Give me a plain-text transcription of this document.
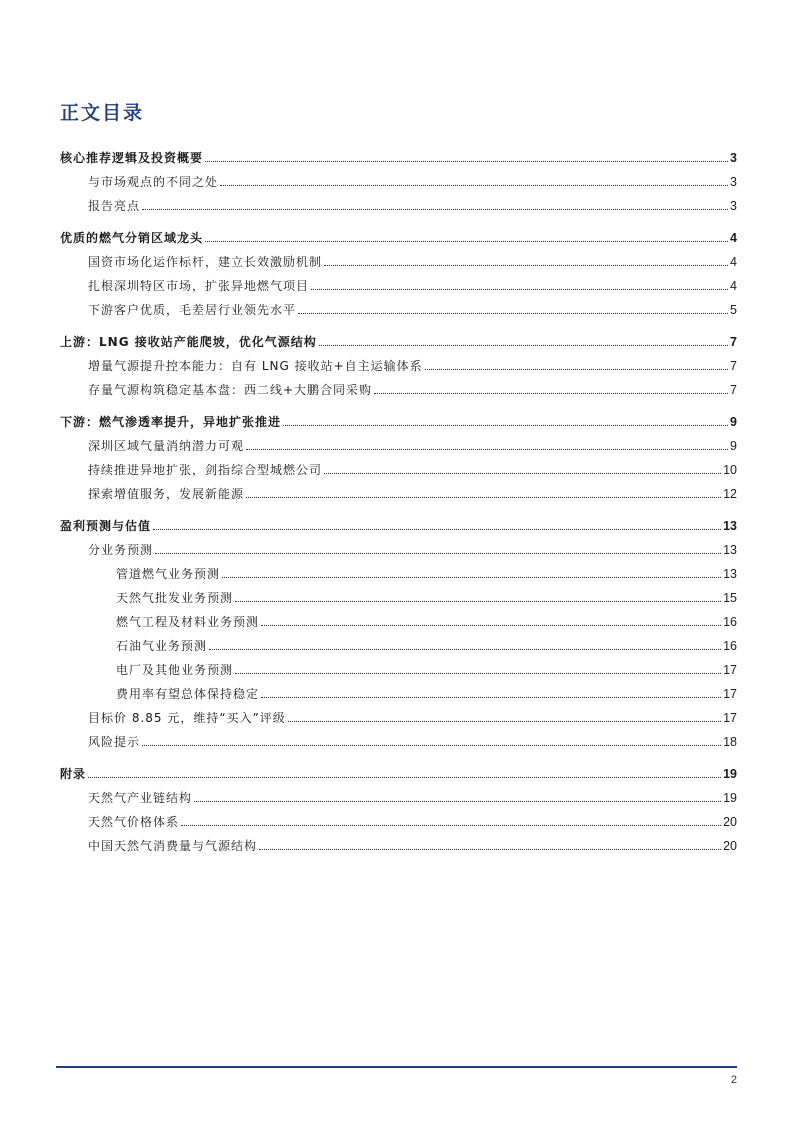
正文目录
核心推荐逻辑及投资概要	3
与市场观点的不同之处	3
报告亮点	3
优质的燃气分销区域龙头	4
国资市场化运作标杆，建立长效激励机制	4
扎根深圳特区市场，扩张异地燃气项目	4
下游客户优质，毛差居行业领先水平	5
上游：LNG 接收站产能爬坡，优化气源结构	7
增量气源提升控本能力：自有 LNG 接收站+自主运输体系	7
存量气源构筑稳定基本盘：西二线+大鹏合同采购	7
下游：燃气渗透率提升，异地扩张推进	9
深圳区域气量消纳潜力可观	9
持续推进异地扩张，剑指综合型城燃公司	10
探索增值服务，发展新能源	12
盈利预测与估值	13
分业务预测	13
管道燃气业务预测	13
天然气批发业务预测	15
燃气工程及材料业务预测	16
石油气业务预测	16
电厂及其他业务预测	17
费用率有望总体保持稳定	17
目标价 8.85 元，维持“买入”评级	17
风险提示	18
附录	19
天然气产业链结构	19
天然气价格体系	20
中国天然气消费量与气源结构	20
2
